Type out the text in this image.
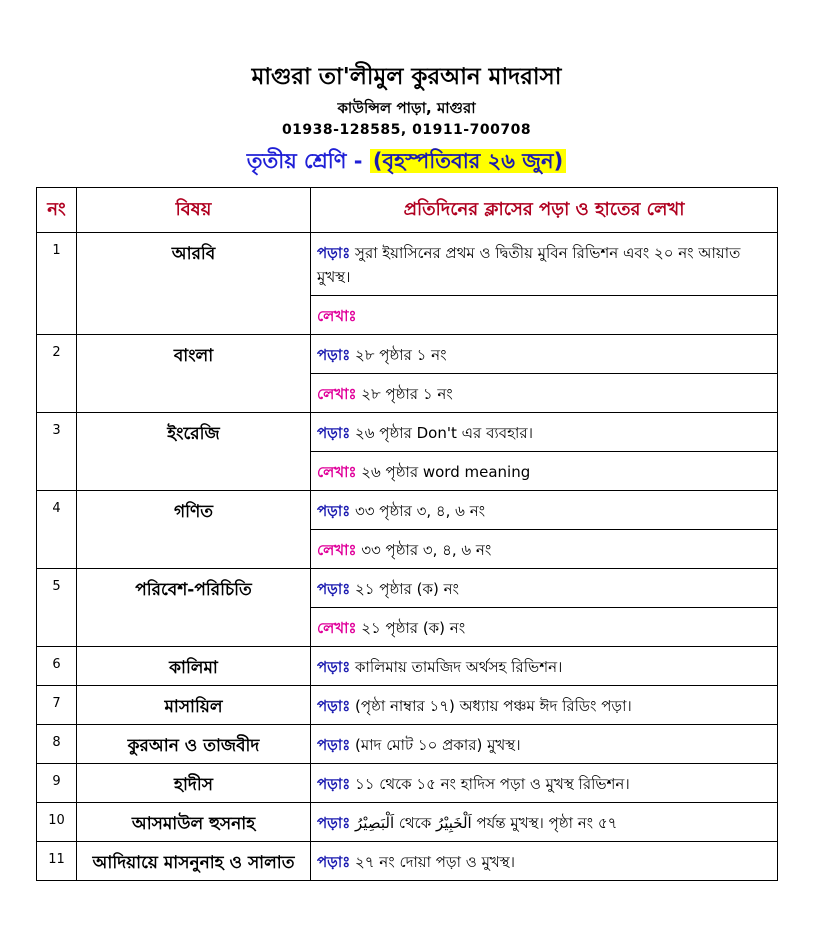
মাগুরা তা'লীমুল কুরআন মাদরাসা
কাউন্সিল পাড়া, মাগুরা
01938-128585, 01911-700708
তৃতীয় শ্রেণি - (বৃহস্পতিবার ২৬ জুন)
নং	বিষয়	প্রতিদিনের ক্লাসের পড়া ও হাতের লেখা
1	আরবি	পড়াঃ সুরা ইয়াসিনের প্রথম ও দ্বিতীয় মুবিন রিভিশন এবং ২০ নং আয়াত মুখস্থ।
		লেখাঃ
2	বাংলা	পড়াঃ ২৮ পৃষ্ঠার ১ নং
		লেখাঃ ২৮ পৃষ্ঠার ১ নং
3	ইংরেজি	পড়াঃ ২৬ পৃষ্ঠার Don't এর ব্যবহার।
		লেখাঃ ২৬ পৃষ্ঠার word meaning
4	গণিত	পড়াঃ ৩৩ পৃষ্ঠার ৩, ৪, ৬ নং
		লেখাঃ ৩৩ পৃষ্ঠার ৩, ৪, ৬ নং
5	পরিবেশ-পরিচিতি	পড়াঃ ২১ পৃষ্ঠার (ক) নং
		লেখাঃ ২১ পৃষ্ঠার (ক) নং
6	কালিমা	পড়াঃ কালিমায় তামজিদ অর্থসহ রিভিশন।
7	মাসায়িল	পড়াঃ (পৃষ্ঠা নাম্বার ১৭) অধ্যায় পঞ্চম ঈদ রিডিং পড়া।
8	কুরআন ও তাজবীদ	পড়াঃ (মাদ মোট ১০ প্রকার) মুখস্থ।
9	হাদীস	পড়াঃ ১১ থেকে ১৫ নং হাদিস পড়া ও মুখস্থ রিভিশন।
10	আসমাউল হুসনাহ	পড়াঃ اَلْبَصِيْرُ থেকে اَلْخَبِيْرُ পর্যন্ত মুখস্থ। পৃষ্ঠা নং ৫৭
11	আদিয়ায়ে মাসনুনাহ ও সালাত	পড়াঃ ২৭ নং দোয়া পড়া ও মুখস্থ।
